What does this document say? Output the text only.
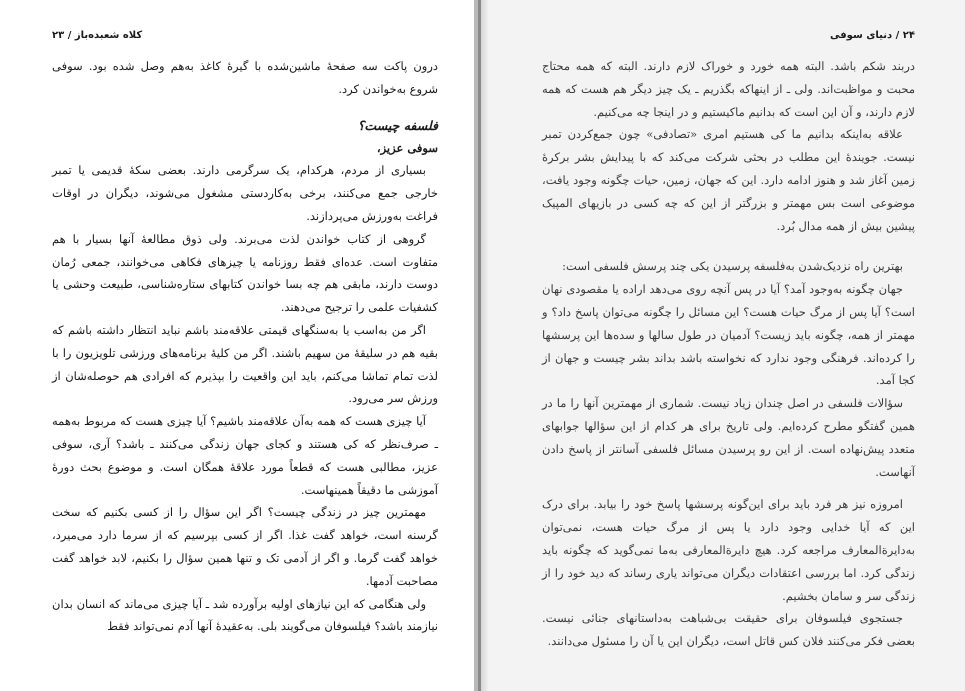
کلاه شعبده‌باز / ۲۳

درون پاکت سه صفحهٔ ماشین‌شده با گیرهٔ کاغذ به‌هم وصل شده بود. سوفی شروع به‌خواندن کرد.

فلسفه چیست؟

سوفی عزیز،

بسیاری از مردم، هرکدام، یک سرگرمی دارند. بعضی سکهٔ قدیمی یا تمبر خارجی جمع می‌کنند، برخی به‌کاردستی مشغول می‌شوند، دیگران در اوقات فراغت به‌ورزش می‌پردازند.

گروهی از کتاب خواندن لذت می‌برند. ولی ذوق مطالعهٔ آنها بسیار با هم متفاوت است. عده‌ای فقط روزنامه یا چیزهای فکاهی می‌خوانند، جمعی رُمان دوست دارند، مابقی هم چه بسا خواندن کتابهای ستاره‌شناسی، طبیعت وحشی یا کشفیات علمی را ترجیح می‌دهند.

اگر من به‌اسب یا به‌سنگهای قیمتی علاقه‌مند باشم نباید انتظار داشته باشم که بقیه هم در سلیقهٔ من سهیم باشند. اگر من کلیهٔ برنامه‌های ورزشی تلویزیون را با لذت تمام تماشا می‌کنم، باید این واقعیت را بپذیرم که افرادی هم حوصله‌شان از ورزش سر می‌رود.

آیا چیزی هست که همه به‌آن علاقه‌مند باشیم؟ آیا چیزی هست که مربوط به‌همه ـ صرف‌نظر که کی هستند و کجای جهان زندگی می‌کنند ـ باشد؟ آری، سوفی عزیز، مطالبی هست که قطعاً مورد علاقهٔ همگان است. و موضوع بحث دورهٔ آموزشی ما دقیقاً همینهاست.

مهمترین چیز در زندگی چیست؟ اگر این سؤال را از کسی بکنیم که سخت گرسنه است، خواهد گفت غذا. اگر از کسی بپرسیم که از سرما دارد می‌میرد، خواهد گفت گرما. و اگر از آدمی تک و تنها همین سؤال را بکنیم، لابد خواهد گفت مصاحبت آدمها.

ولی هنگامی که این نیازهای اولیه برآورده شد ـ آیا چیزی می‌ماند که انسان بدان نیازمند باشد؟ فیلسوفان می‌گویند بلی. به‌عقیدهٔ آنها آدم نمی‌تواند فقط

۲۴ / دنیای سوفی

دربند شکم باشد. البته همه خورد و خوراک لازم دارند. البته که همه محتاج محبت و مواظبت‌اند. ولی ـ از اینهاکه بگذریم ـ یک چیز دیگر هم هست که همه لازم دارند، و آن این است که بدانیم ماکیستیم و در اینجا چه می‌کنیم.

علاقه به‌اینکه بدانیم ما کی هستیم امری «تصادفی» چون جمع‌کردن تمبر نیست. جویندهٔ این مطلب در بحثی شرکت می‌کند که با پیدایش بشر برکرهٔ زمین آغاز شد و هنوز ادامه دارد. این که جهان، زمین، حیات چگونه وجود یافت، موضوعی است بس مهمتر و بزرگتر از این که چه کسی در بازیهای المپیک پیشین بیش از همه مدال بُرد.

بهترین راه نزدیک‌شدن به‌فلسفه پرسیدن یکی چند پرسش فلسفی است:

جهان چگونه به‌وجود آمد؟ آیا در پس آنچه روی می‌دهد اراده یا مقصودی نهان است؟ آیا پس از مرگ حیات هست؟ این مسائل را چگونه می‌توان پاسخ داد؟ و مهمتر از همه، چگونه باید زیست؟ آدمیان در طول سالها و سده‌ها این پرسشها را کرده‌اند. فرهنگی وجود ندارد که نخواسته باشد بداند بشر چیست و جهان از کجا آمد.

سؤالات فلسفی در اصل چندان زیاد نیست. شماری از مهمترین آنها را ما در همین گفتگو مطرح کرده‌ایم. ولی تاریخ برای هر کدام از این سؤالها جوابهای متعدد پیش‌نهاده است. از این رو پرسیدن مسائل فلسفی آسانتر از پاسخ دادن آنهاست.

امروزه نیز هر فرد باید برای این‌گونه پرسشها پاسخ خود را بیابد. برای درک این که آیا خدایی وجود دارد یا پس از مرگ حیات هست، نمی‌توان به‌دایرة‌المعارف مراجعه کرد. هیچ دایرة‌المعارفی به‌ما نمی‌گوید که چگونه باید زندگی کرد. اما بررسی اعتقادات دیگران می‌تواند یاری رساند که دید خود را از زندگی سر و سامان بخشیم.

جستجوی فیلسوفان برای حقیقت بی‌شباهت به‌داستانهای جنائی نیست. بعضی فکر می‌کنند فلان کس قاتل است، دیگران این یا آن را مسئول می‌دانند.
